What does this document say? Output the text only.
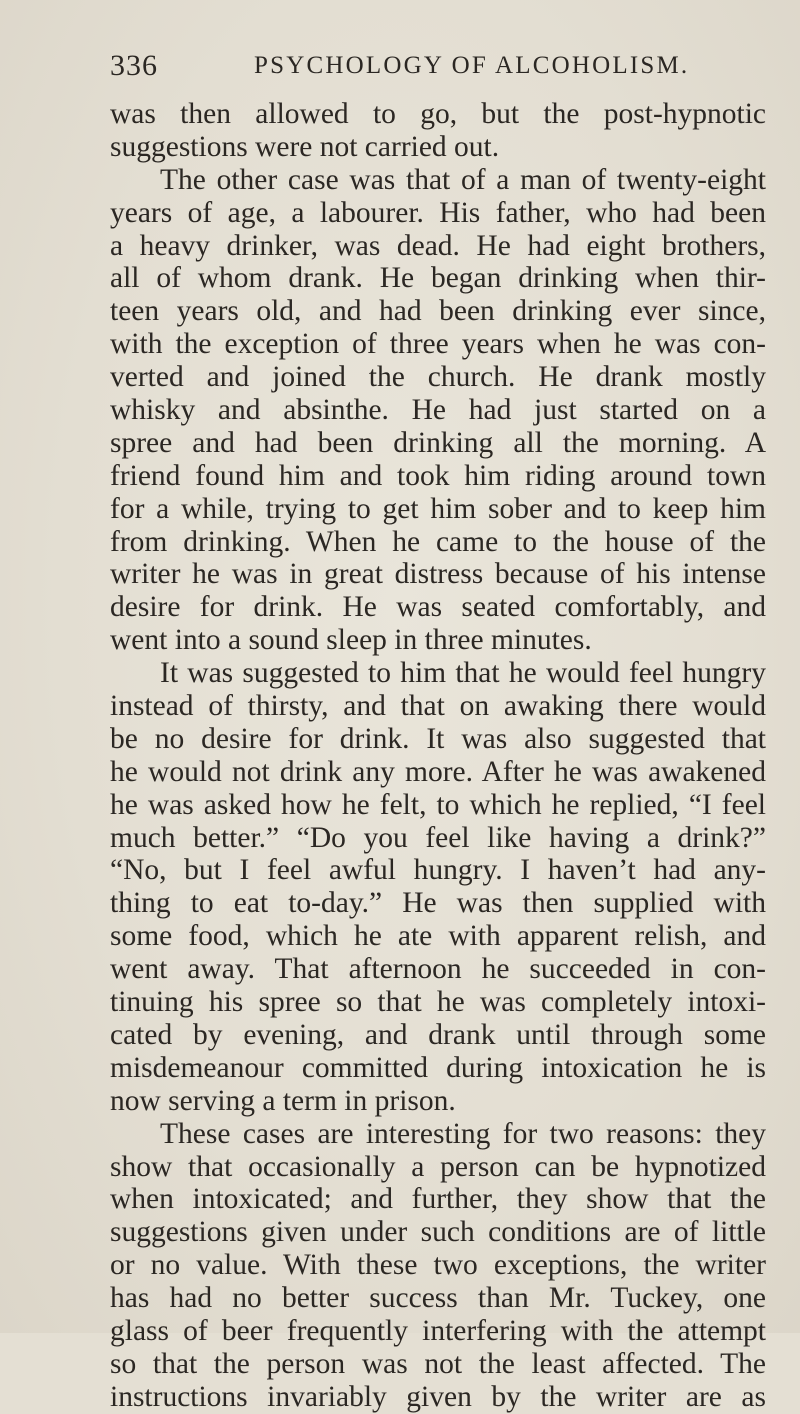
336	PSYCHOLOGY OF ALCOHOLISM.
was then allowed to go, but the post-hypnotic
suggestions were not carried out.
The other case was that of a man of twenty-eight
years of age, a labourer. His father, who had been
a heavy drinker, was dead. He had eight brothers,
all of whom drank. He began drinking when thir-
teen years old, and had been drinking ever since,
with the exception of three years when he was con-
verted and joined the church. He drank mostly
whisky and absinthe. He had just started on a
spree and had been drinking all the morning. A
friend found him and took him riding around town
for a while, trying to get him sober and to keep him
from drinking. When he came to the house of the
writer he was in great distress because of his intense
desire for drink. He was seated comfortably, and
went into a sound sleep in three minutes.
It was suggested to him that he would feel hungry
instead of thirsty, and that on awaking there would
be no desire for drink. It was also suggested that
he would not drink any more. After he was awakened
he was asked how he felt, to which he replied, “I feel
much better.” “Do you feel like having a drink?”
“No, but I feel awful hungry. I haven’t had any-
thing to eat to-day.” He was then supplied with
some food, which he ate with apparent relish, and
went away. That afternoon he succeeded in con-
tinuing his spree so that he was completely intoxi-
cated by evening, and drank until through some
misdemeanour committed during intoxication he is
now serving a term in prison.
These cases are interesting for two reasons: they
show that occasionally a person can be hypnotized
when intoxicated; and further, they show that the
suggestions given under such conditions are of little
or no value. With these two exceptions, the writer
has had no better success than Mr. Tuckey, one
glass of beer frequently interfering with the attempt
so that the person was not the least affected. The
instructions invariably given by the writer are as
